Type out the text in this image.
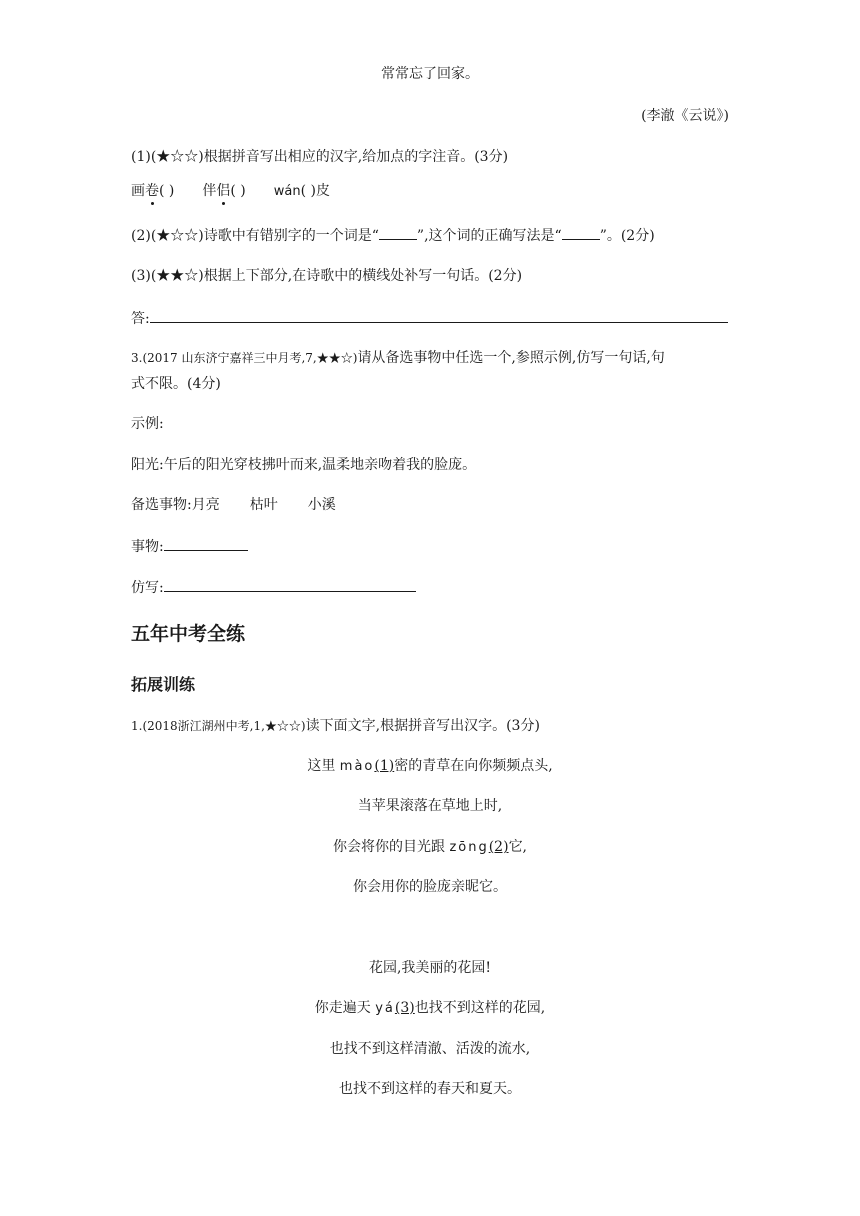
常常忘了回家。
(李澈《云说》)
(1)(★☆☆)根据拼音写出相应的汉字,给加点的字注音。(3分)
画卷( ) 伴侣( ) wán( )皮
(2)(★☆☆)诗歌中有错别字的一个词是“	”,这个词的正确写法是“	”。(2分)
(3)(★★☆)根据上下部分,在诗歌中的横线处补写一句话。(2分)
答:
3.(2017 山东济宁嘉祥三中月考,7,★★☆)请从备选事物中任选一个,参照示例,仿写一句话,句
式不限。(4分)
示例:
阳光:午后的阳光穿枝拂叶而来,温柔地亲吻着我的脸庞。
备选事物:月亮 枯叶 小溪
事物:
仿写:
五年中考全练
拓展训练
1.(2018浙江湖州中考,1,★☆☆)读下面文字,根据拼音写出汉字。(3分)
这里 mào(1)密的青草在向你频频点头,
当苹果滚落在草地上时,
你会将你的目光跟 zōng(2)它,
你会用你的脸庞亲昵它。
花园,我美丽的花园!
你走遍天 yá(3)也找不到这样的花园,
也找不到这样清澈、活泼的流水,
也找不到这样的春天和夏天。
